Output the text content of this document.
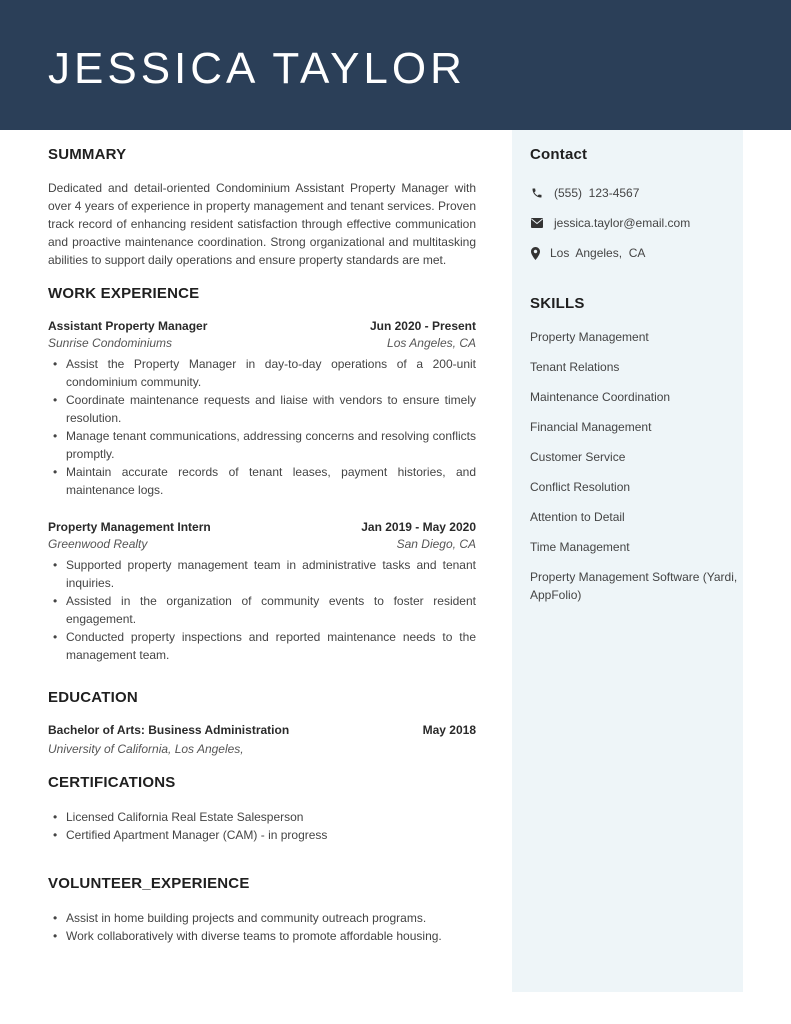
JESSICA TAYLOR
SUMMARY

Dedicated and detail-oriented Condominium Assistant Property Manager with over 4 years of experience in property management and tenant services. Proven track record of enhancing resident satisfaction through effective communication and proactive maintenance coordination. Strong organizational and multitasking abilities to support daily operations and ensure property standards are met.

WORK EXPERIENCE
Assistant Property Manager	Jun 2020 - Present
Sunrise Condominiums	Los Angeles, CA
• Assist the Property Manager in day-to-day operations of a 200-unit condominium community.
• Coordinate maintenance requests and liaise with vendors to ensure timely resolution.
• Manage tenant communications, addressing concerns and resolving conflicts promptly.
• Maintain accurate records of tenant leases, payment histories, and maintenance logs.
Property Management Intern	Jan 2019 - May 2020
Greenwood Realty	San Diego, CA
• Supported property management team in administrative tasks and tenant inquiries.
• Assisted in the organization of community events to foster resident engagement.
• Conducted property inspections and reported maintenance needs to the management team.
EDUCATION
Bachelor of Arts: Business Administration	May 2018
University of California, Los Angeles,
CERTIFICATIONS
• Licensed California Real Estate Salesperson
• Certified Apartment Manager (CAM) - in progress
VOLUNTEER_EXPERIENCE
• Assist in home building projects and community outreach programs.
• Work collaboratively with diverse teams to promote affordable housing.
Contact
(555)  123-4567
jessica.taylor@email.com
Los  Angeles,  CA
SKILLS
Property Management
Tenant Relations
Maintenance Coordination
Financial Management
Customer Service
Conflict Resolution
Attention to Detail
Time Management
Property Management Software (Yardi, AppFolio)
